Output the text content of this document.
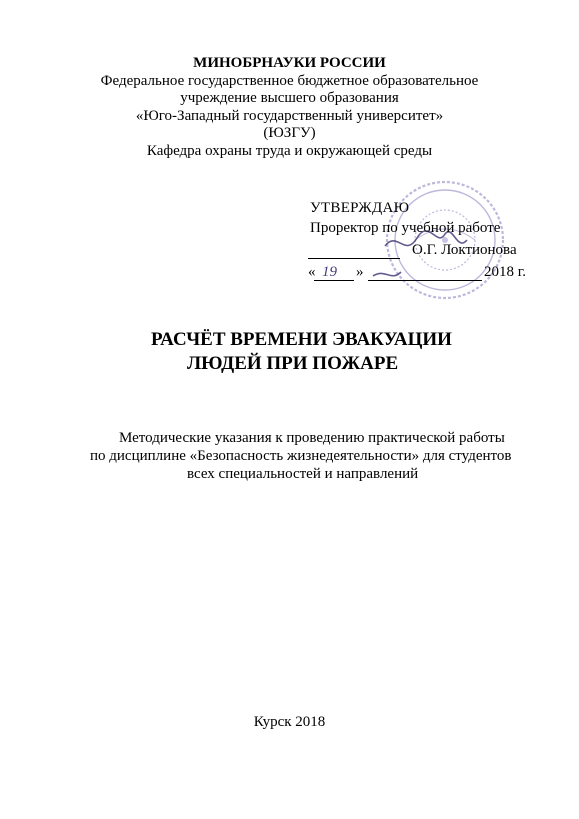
МИНОБРНАУКИ РОССИИ
Федеральное государственное бюджетное образовательное
учреждение высшего образования
«Юго-Западный государственный университет»
(ЮЗГУ)
Кафедра охраны труда и окружающей среды
УТВЕРЖДАЮ
Проректор по учебной работе
О.Г. Локтионова
« 19 »	2018 г.
РАСЧЁТ ВРЕМЕНИ ЭВАКУАЦИИ
ЛЮДЕЙ ПРИ ПОЖАРЕ
Методические указания к проведению практической работы
по дисциплине «Безопасность жизнедеятельности» для студентов
всех специальностей и направлений
Курск 2018
